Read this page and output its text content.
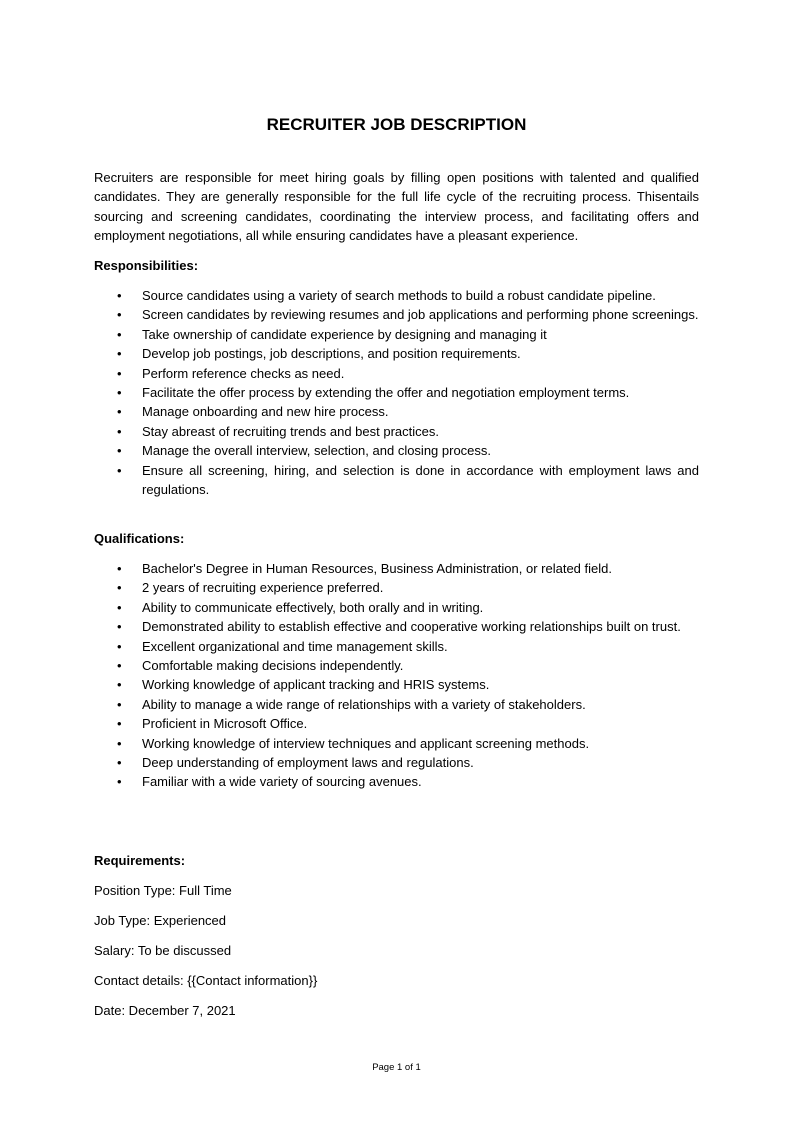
RECRUITER JOB DESCRIPTION
Recruiters are responsible for meet hiring goals by filling open positions with talented and qualified candidates. They are generally responsible for the full life cycle of the recruiting process. Thisentails sourcing and screening candidates, coordinating the interview process, and facilitating offers and employment negotiations, all while ensuring candidates have a pleasant experience.
Responsibilities:
• Source candidates using a variety of search methods to build a robust candidate pipeline.
• Screen candidates by reviewing resumes and job applications and performing phone screenings.
• Take ownership of candidate experience by designing and managing it
• Develop job postings, job descriptions, and position requirements.
• Perform reference checks as need.
• Facilitate the offer process by extending the offer and negotiation employment terms.
• Manage onboarding and new hire process.
• Stay abreast of recruiting trends and best practices.
• Manage the overall interview, selection, and closing process.
• Ensure all screening, hiring, and selection is done in accordance with employment laws and regulations.
Qualifications:
• Bachelor's Degree in Human Resources, Business Administration, or related field.
• 2 years of recruiting experience preferred.
• Ability to communicate effectively, both orally and in writing.
• Demonstrated ability to establish effective and cooperative working relationships built on trust.
• Excellent organizational and time management skills.
• Comfortable making decisions independently.
• Working knowledge of applicant tracking and HRIS systems.
• Ability to manage a wide range of relationships with a variety of stakeholders.
• Proficient in Microsoft Office.
• Working knowledge of interview techniques and applicant screening methods.
• Deep understanding of employment laws and regulations.
• Familiar with a wide variety of sourcing avenues.
Requirements:
Position Type: Full Time
Job Type: Experienced
Salary: To be discussed
Contact details: {{Contact information}}
Date: December 7, 2021
Page 1 of 1
